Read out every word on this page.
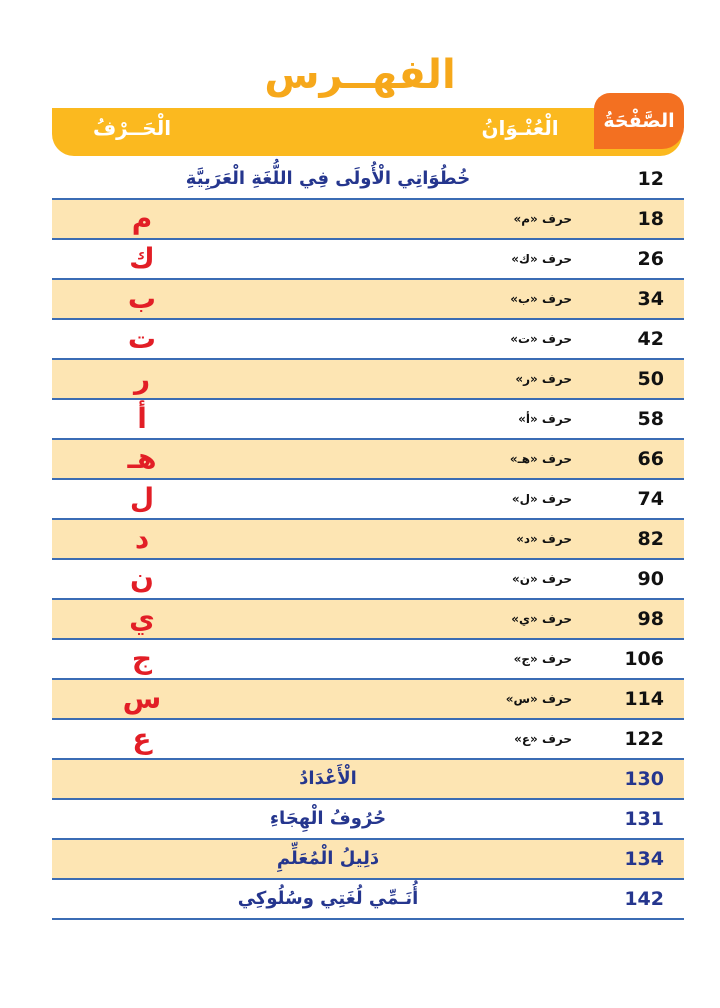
الفهــرس
الصَّفْحَةُ
الْعُنْـوَانُ
الْحَــرْفُ
12
خُطُوَاتِي الْأُولَى فِي اللُّغَةِ الْعَرَبِيَّةِ
18
حرف «م»
م
26
حرف «ك»
ك
34
حرف «ب»
ب
42
حرف «ت»
ت
50
حرف «ر»
ر
58
حرف «أ»
أ
66
حرف «هـ»
هـ
74
حرف «ل»
ل
82
حرف «د»
د
90
حرف «ن»
ن
98
حرف «ي»
ي
106
حرف «ج»
ج
114
حرف «س»
س
122
حرف «ع»
ع
130
الْأَعْدَادُ
131
حُرُوفُ الْهِجَاءِ
134
دَلِيلُ الْمُعَلِّمِ
142
أُنَـمِّي لُغَتِي وسُلُوكِي
